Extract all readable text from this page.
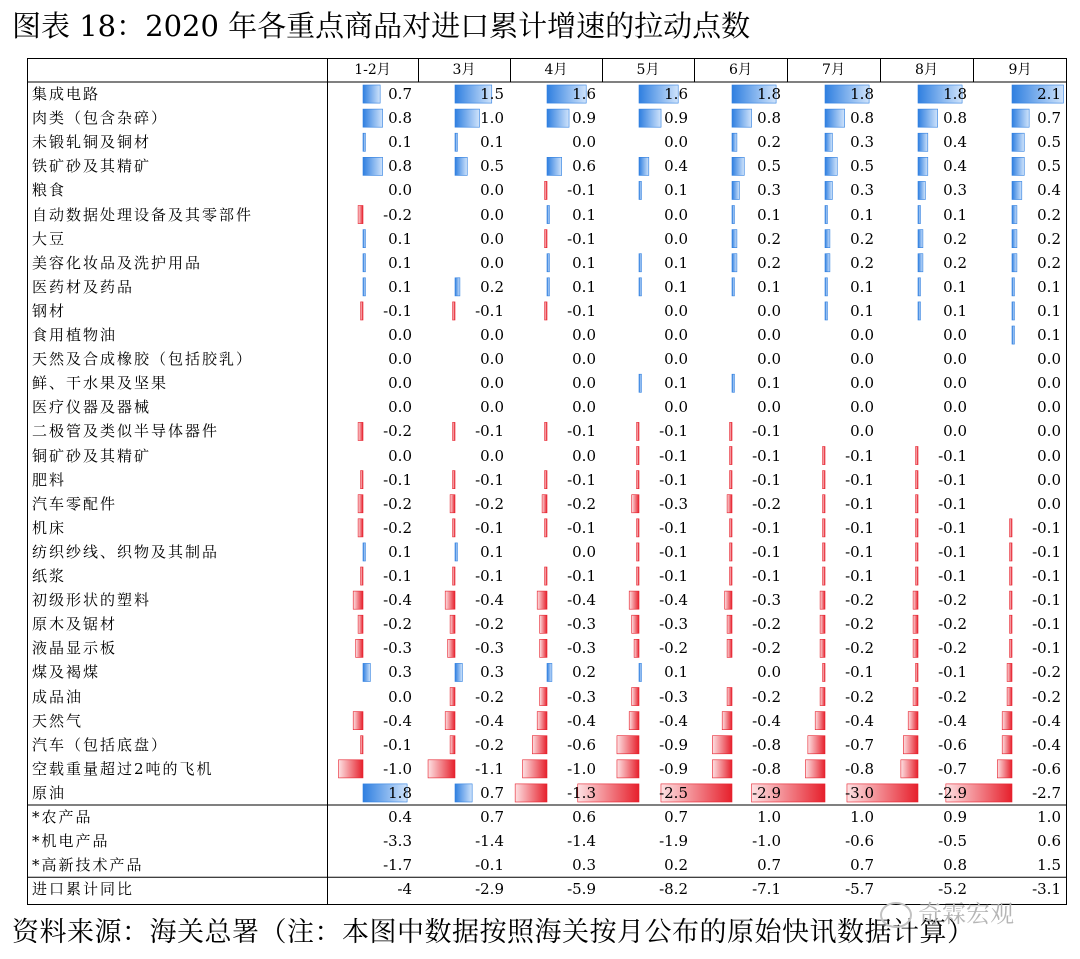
图表 18：2020 年各重点商品对进口累计增速的拉动点数
1-2月	3月	4月	5月	6月	7月	8月	9月
集成电路	0.7	1.5	1.6	1.6	1.8	1.8	1.8	2.1
肉类（包含杂碎）	0.8	1.0	0.9	0.9	0.8	0.8	0.8	0.7
未锻轧铜及铜材	0.1	0.1	0.0	0.0	0.2	0.3	0.4	0.5
铁矿砂及其精矿	0.8	0.5	0.6	0.4	0.5	0.5	0.4	0.5
粮食	0.0	0.0	-0.1	0.1	0.3	0.3	0.3	0.4
自动数据处理设备及其零部件	-0.2	0.0	0.1	0.0	0.1	0.1	0.1	0.2
大豆	0.1	0.0	-0.1	0.0	0.2	0.2	0.2	0.2
美容化妆品及洗护用品	0.1	0.0	0.1	0.1	0.2	0.2	0.2	0.2
医药材及药品	0.1	0.2	0.1	0.1	0.1	0.1	0.1	0.1
钢材	-0.1	-0.1	-0.1	0.0	0.0	0.1	0.1	0.1
食用植物油	0.0	0.0	0.0	0.0	0.0	0.0	0.0	0.1
天然及合成橡胶（包括胶乳）	0.0	0.0	0.0	0.0	0.0	0.0	0.0	0.0
鲜、干水果及坚果	0.0	0.0	0.0	0.1	0.1	0.0	0.0	0.0
医疗仪器及器械	0.0	0.0	0.0	0.0	0.0	0.0	0.0	0.0
二极管及类似半导体器件	-0.2	-0.1	-0.1	-0.1	-0.1	0.0	0.0	0.0
铜矿砂及其精矿	0.0	0.0	0.0	-0.1	-0.1	-0.1	-0.1	0.0
肥料	-0.1	-0.1	-0.1	-0.1	-0.1	-0.1	-0.1	0.0
汽车零配件	-0.2	-0.2	-0.2	-0.3	-0.2	-0.1	-0.1	0.0
机床	-0.2	-0.1	-0.1	-0.1	-0.1	-0.1	-0.1	-0.1
纺织纱线、织物及其制品	0.1	0.1	0.0	-0.1	-0.1	-0.1	-0.1	-0.1
纸浆	-0.1	-0.1	-0.1	-0.1	-0.1	-0.1	-0.1	-0.1
初级形状的塑料	-0.4	-0.4	-0.4	-0.4	-0.3	-0.2	-0.2	-0.1
原木及锯材	-0.2	-0.2	-0.3	-0.3	-0.2	-0.2	-0.2	-0.1
液晶显示板	-0.3	-0.3	-0.3	-0.2	-0.2	-0.2	-0.2	-0.1
煤及褐煤	0.3	0.3	0.2	0.1	0.0	-0.1	-0.1	-0.2
成品油	0.0	-0.2	-0.3	-0.3	-0.2	-0.2	-0.2	-0.2
天然气	-0.4	-0.4	-0.4	-0.4	-0.4	-0.4	-0.4	-0.4
汽车（包括底盘）	-0.1	-0.2	-0.6	-0.9	-0.8	-0.7	-0.6	-0.4
空载重量超过2吨的飞机	-1.0	-1.1	-1.0	-0.9	-0.8	-0.8	-0.7	-0.6
原油	1.8	0.7	-1.3	-2.5	-2.9	-3.0	-2.9	-2.7
*农产品	0.4	0.7	0.6	0.7	1.0	1.0	0.9	1.0
*机电产品	-3.3	-1.4	-1.4	-1.9	-1.0	-0.6	-0.5	0.6
*高新技术产品	-1.7	-0.1	0.3	0.2	0.7	0.7	0.8	1.5
进口累计同比	-4	-2.9	-5.9	-8.2	-7.1	-5.7	-5.2	-3.1
资料来源：海关总署（注：本图中数据按照海关按月公布的原始快讯数据计算）
奇霖宏观
